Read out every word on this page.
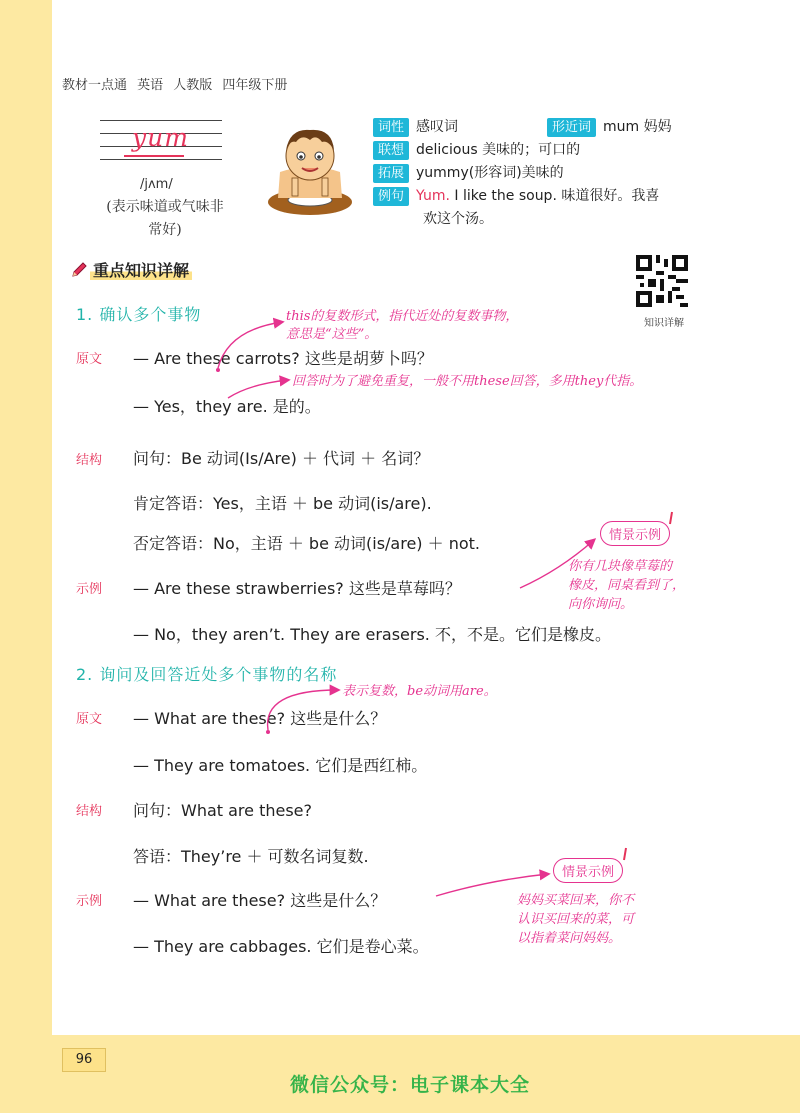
教材一点通 英语 人教版 四年级下册
yum
/jʌm/
(表示味道或气味非常好)
词性 感叹词	形近词 mum 妈妈
联想 delicious 美味的；可口的
拓展 yummy(形容词)美味的
例句 Yum. I like the soup. 味道很好。我喜
欢这个汤。
重点知识详解
知识详解
1. 确认多个事物	this的复数形式，指代近处的复数事物，
意思是“这些”。
原文 — Are these carrots? 这些是胡萝卜吗？
回答时为了避免重复，一般不用these回答，多用they代指。
— Yes，they are. 是的。
结构 问句：Be 动词(Is/Are) ＋ 代词 ＋ 名词？
肯定答语：Yes，主语 ＋ be 动词(is/are).
否定答语：No，主语 ＋ be 动词(is/are) ＋ not.	情景示例
你有几块像草莓的
橡皮，同桌看到了，
向你询问。
示例 — Are these strawberries? 这些是草莓吗？
— No，they aren’t. They are erasers. 不，不是。它们是橡皮。
2. 询问及回答近处多个事物的名称
表示复数，be动词用are。
原文 — What are these? 这些是什么？
— They are tomatoes. 它们是西红柿。
结构 问句：What are these?
答语：They’re ＋ 可数名词复数.
情景示例
妈妈买菜回来，你不
认识买回来的菜，可
以指着菜问妈妈。
示例 — What are these? 这些是什么？
— They are cabbages. 它们是卷心菜。
96
微信公众号：电子课本大全
